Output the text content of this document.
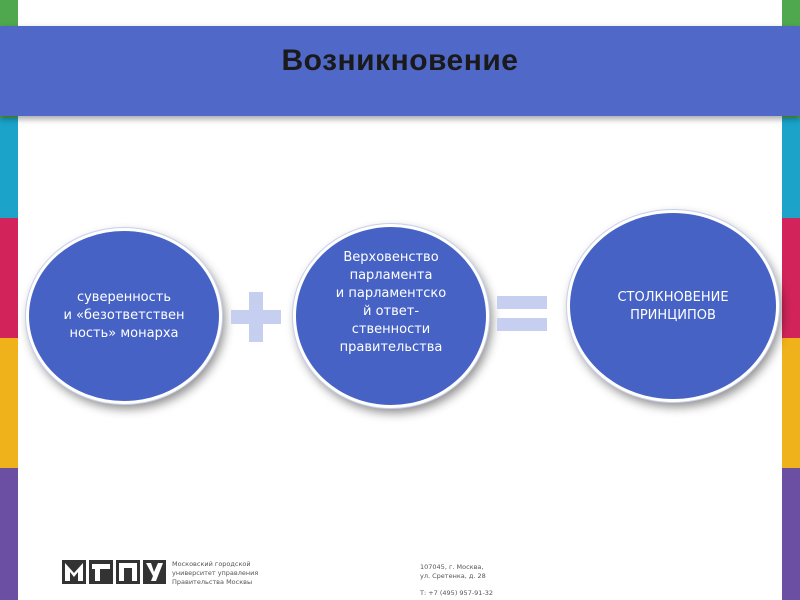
Возникновение
суверенность
и «безответствен
ность» монарха
Верховенство
парламента
и парламентско
й ответ-
ственности
правительства
СТОЛКНОВЕНИЕ
ПРИНЦИПОВ
Московский городской
университет управления
Правительства Москвы
107045, г. Москва,
ул. Сретенка, д. 28
Т: +7 (495) 957-91-32
